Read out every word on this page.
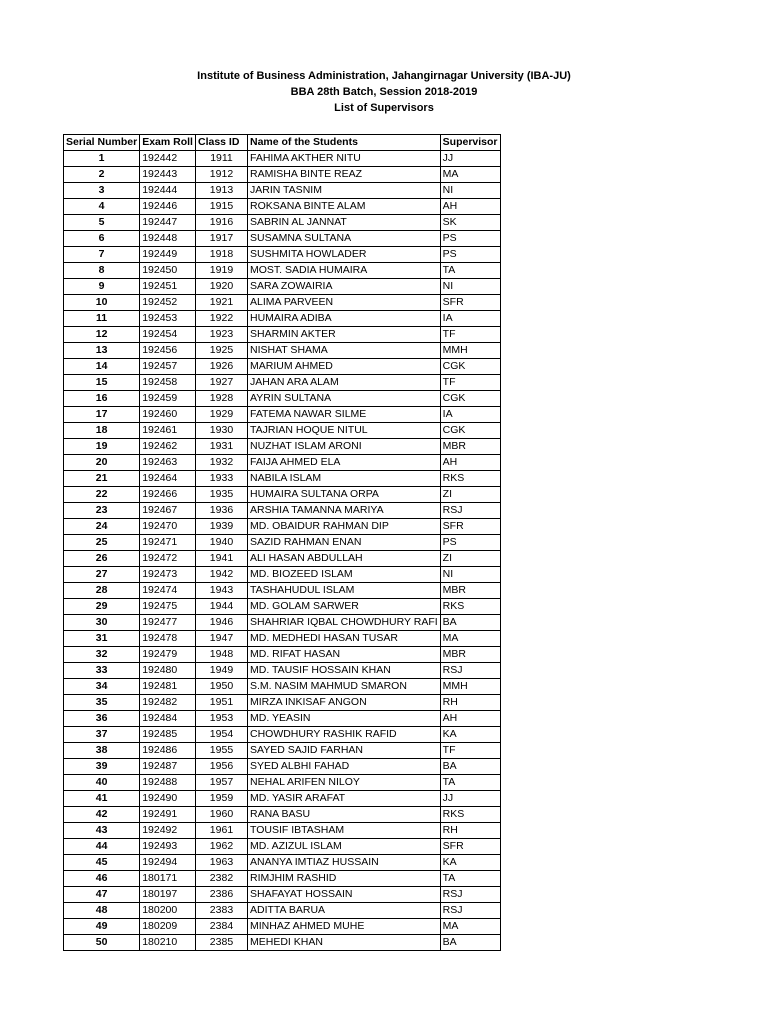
Institute of Business Administration, Jahangirnagar University (IBA-JU)
BBA 28th Batch, Session 2018-2019
List of Supervisors
Serial Number	Exam Roll	Class ID	Name of the Students	Supervisor
1	192442	1911	FAHIMA AKTHER NITU	JJ
2	192443	1912	RAMISHA BINTE REAZ	MA
3	192444	1913	JARIN TASNIM	NI
4	192446	1915	ROKSANA BINTE ALAM	AH
5	192447	1916	SABRIN AL JANNAT	SK
6	192448	1917	SUSAMNA SULTANA	PS
7	192449	1918	SUSHMITA HOWLADER	PS
8	192450	1919	MOST. SADIA HUMAIRA	TA
9	192451	1920	SARA ZOWAIRIA	NI
10	192452	1921	ALIMA PARVEEN	SFR
11	192453	1922	HUMAIRA ADIBA	IA
12	192454	1923	SHARMIN AKTER	TF
13	192456	1925	NISHAT SHAMA	MMH
14	192457	1926	MARIUM AHMED	CGK
15	192458	1927	JAHAN ARA ALAM	TF
16	192459	1928	AYRIN SULTANA	CGK
17	192460	1929	FATEMA NAWAR SILME	IA
18	192461	1930	TAJRIAN HOQUE NITUL	CGK
19	192462	1931	NUZHAT ISLAM ARONI	MBR
20	192463	1932	FAIJA AHMED ELA	AH
21	192464	1933	NABILA ISLAM	RKS
22	192466	1935	HUMAIRA SULTANA ORPA	ZI
23	192467	1936	ARSHIA TAMANNA MARIYA	RSJ
24	192470	1939	MD. OBAIDUR RAHMAN DIP	SFR
25	192471	1940	SAZID RAHMAN ENAN	PS
26	192472	1941	ALI HASAN ABDULLAH	ZI
27	192473	1942	MD. BIOZEED ISLAM	NI
28	192474	1943	TASHAHUDUL ISLAM	MBR
29	192475	1944	MD. GOLAM SARWER	RKS
30	192477	1946	SHAHRIAR IQBAL CHOWDHURY RAFI	BA
31	192478	1947	MD. MEDHEDI HASAN TUSAR	MA
32	192479	1948	MD. RIFAT HASAN	MBR
33	192480	1949	MD. TAUSIF HOSSAIN KHAN	RSJ
34	192481	1950	S.M. NASIM MAHMUD SMARON	MMH
35	192482	1951	MIRZA INKISAF ANGON	RH
36	192484	1953	MD. YEASIN	AH
37	192485	1954	CHOWDHURY RASHIK RAFID	KA
38	192486	1955	SAYED SAJID FARHAN	TF
39	192487	1956	SYED ALBHI FAHAD	BA
40	192488	1957	NEHAL ARIFEN NILOY	TA
41	192490	1959	MD. YASIR ARAFAT	JJ
42	192491	1960	RANA BASU	RKS
43	192492	1961	TOUSIF IBTASHAM	RH
44	192493	1962	MD. AZIZUL ISLAM	SFR
45	192494	1963	ANANYA IMTIAZ HUSSAIN	KA
46	180171	2382	RIMJHIM RASHID	TA
47	180197	2386	SHAFAYAT HOSSAIN	RSJ
48	180200	2383	ADITTA BARUA	RSJ
49	180209	2384	MINHAZ AHMED MUHE	MA
50	180210	2385	MEHEDI KHAN	BA
